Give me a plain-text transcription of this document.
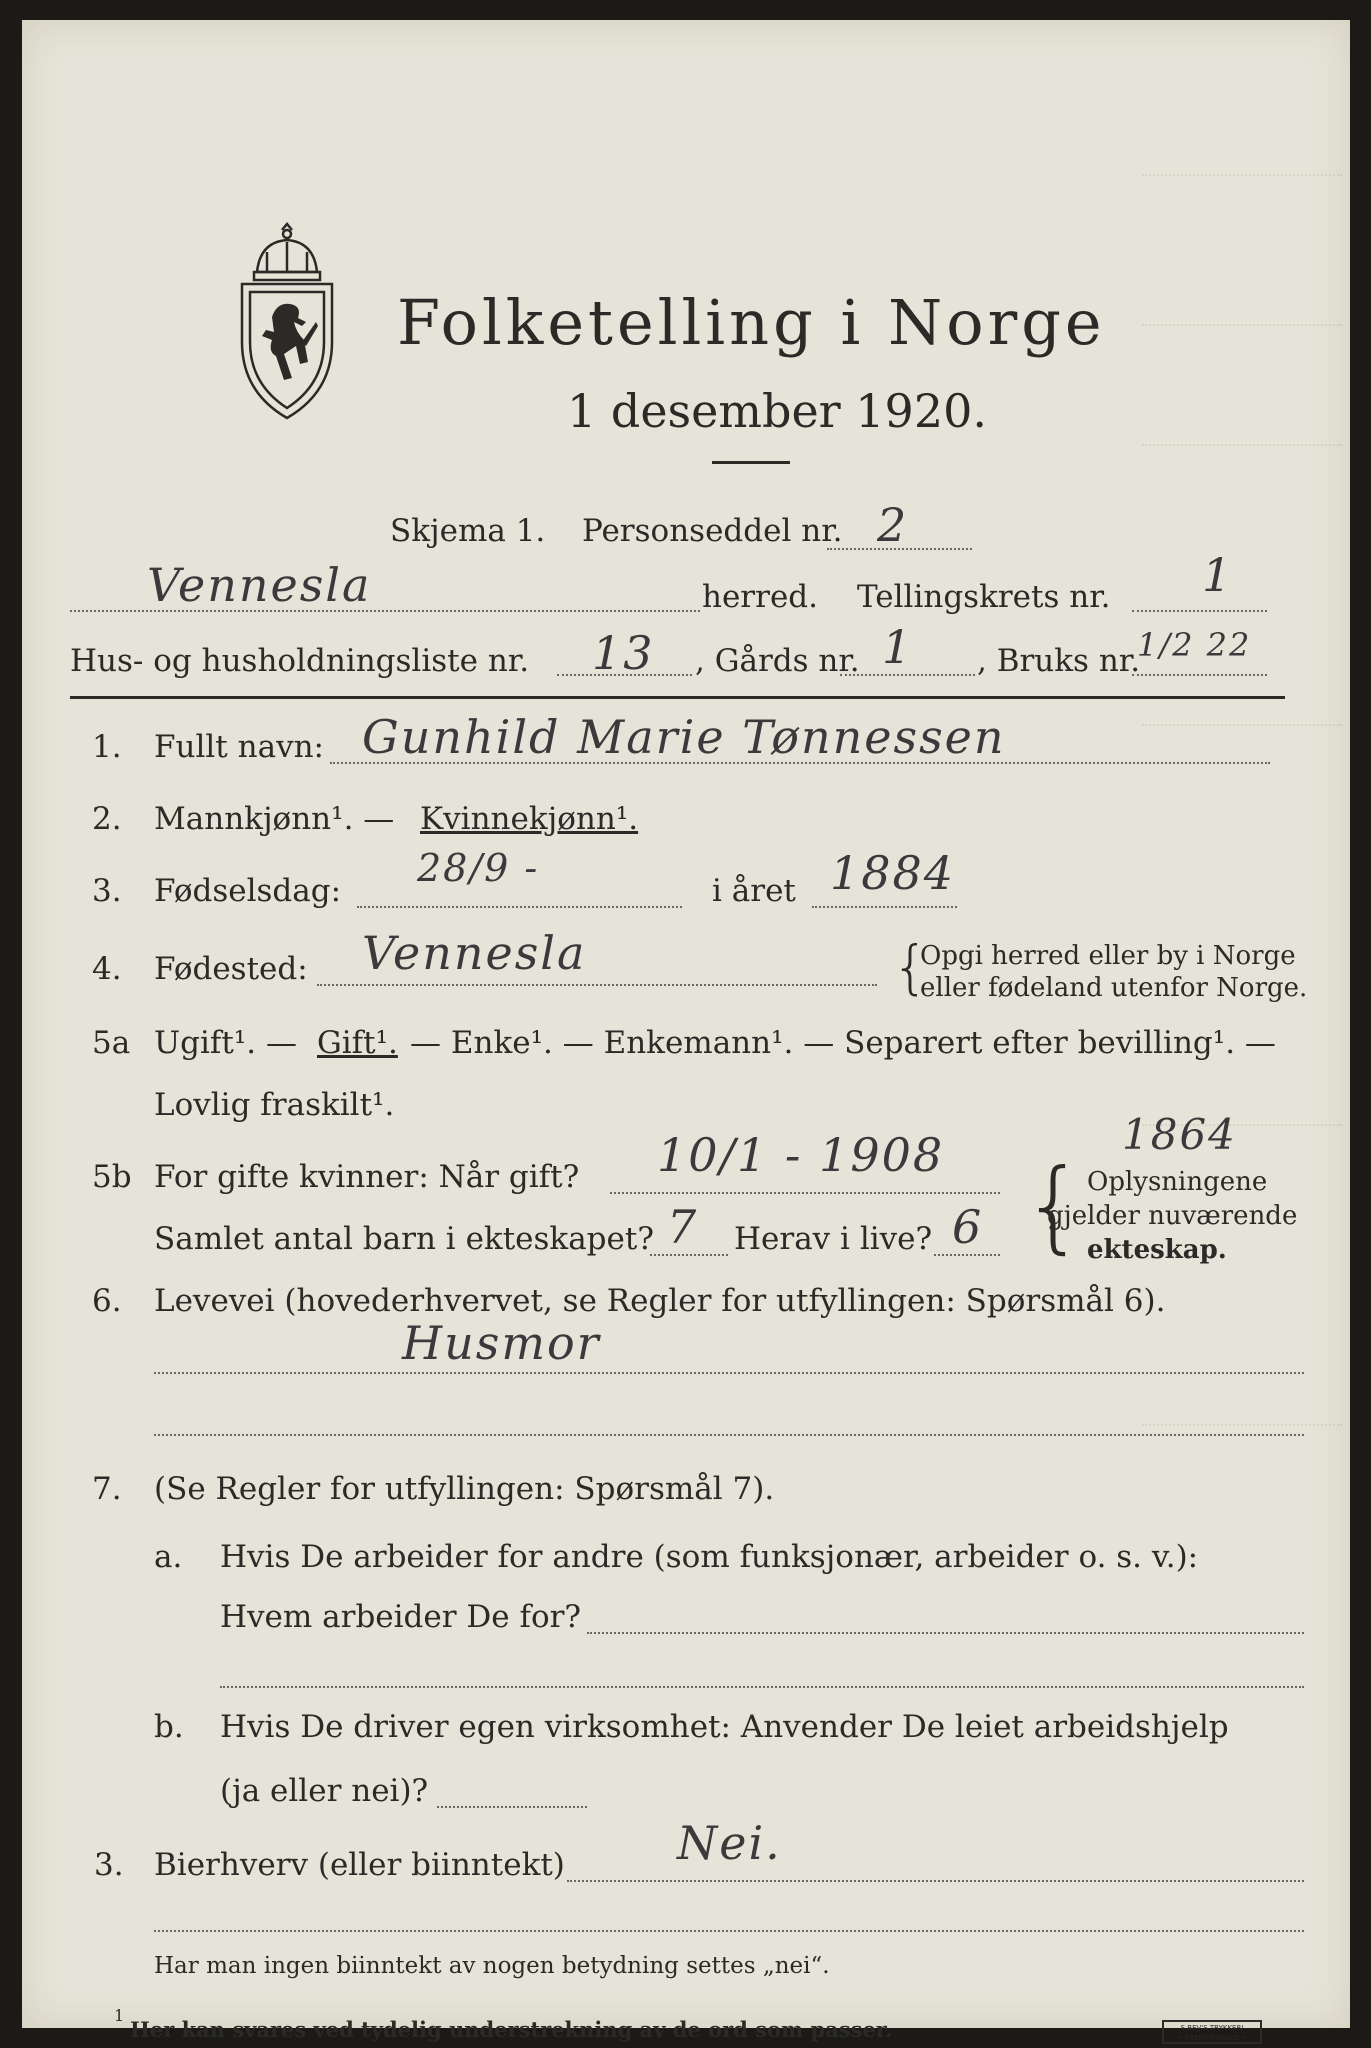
Folketelling i Norge
1 desember 1920.
Skjema 1. Personseddel nr. 2
Vennesla	herred. Tellingskrets nr. 1
Hus- og husholdningsliste nr. 13 , Gårds nr. 1 , Bruks nr.
1/2 22
1. Fullt navn: Gunhild Marie Tønnessen
2. Mannkjønn¹. — Kvinnekjønn¹.
3. Fødselsdag:
28/9 -
i året 1884
4. Fødested: Vennesla	{
Opgi herred eller by i Norge
eller fødeland utenfor Norge.
5a Ugift¹. — Gift¹. — Enke¹. — Enkemann¹. — Separert efter bevilling¹. —
Lovlig fraskilt¹.
1864
5b For gifte kvinner: Når gift? 10/1 - 1908
Samlet antal barn i ekteskapet? 7 Herav i live? 6 { Oplysningene
gjelder nuværende
ekteskap.
6. Levevei (hovederhvervet, se Regler for utfyllingen: Spørsmål 6).
Husmor
7. (Se Regler for utfyllingen: Spørsmål 7).
a. Hvis De arbeider for andre (som funksjonær, arbeider o. s. v.):
Hvem arbeider De for?
b. Hvis De driver egen virksomhet: Anvender De leiet arbeidshjelp
(ja eller nei)?
3. Bierhverv (eller biinntekt) Nei.
Har man ingen biinntekt av nogen betydning settes „nei“.
1
Her kan svares ved tydelig understrekning av de ord som passer.	S.BEV'S TRYKKERI
• FREDRIKSHALD •
